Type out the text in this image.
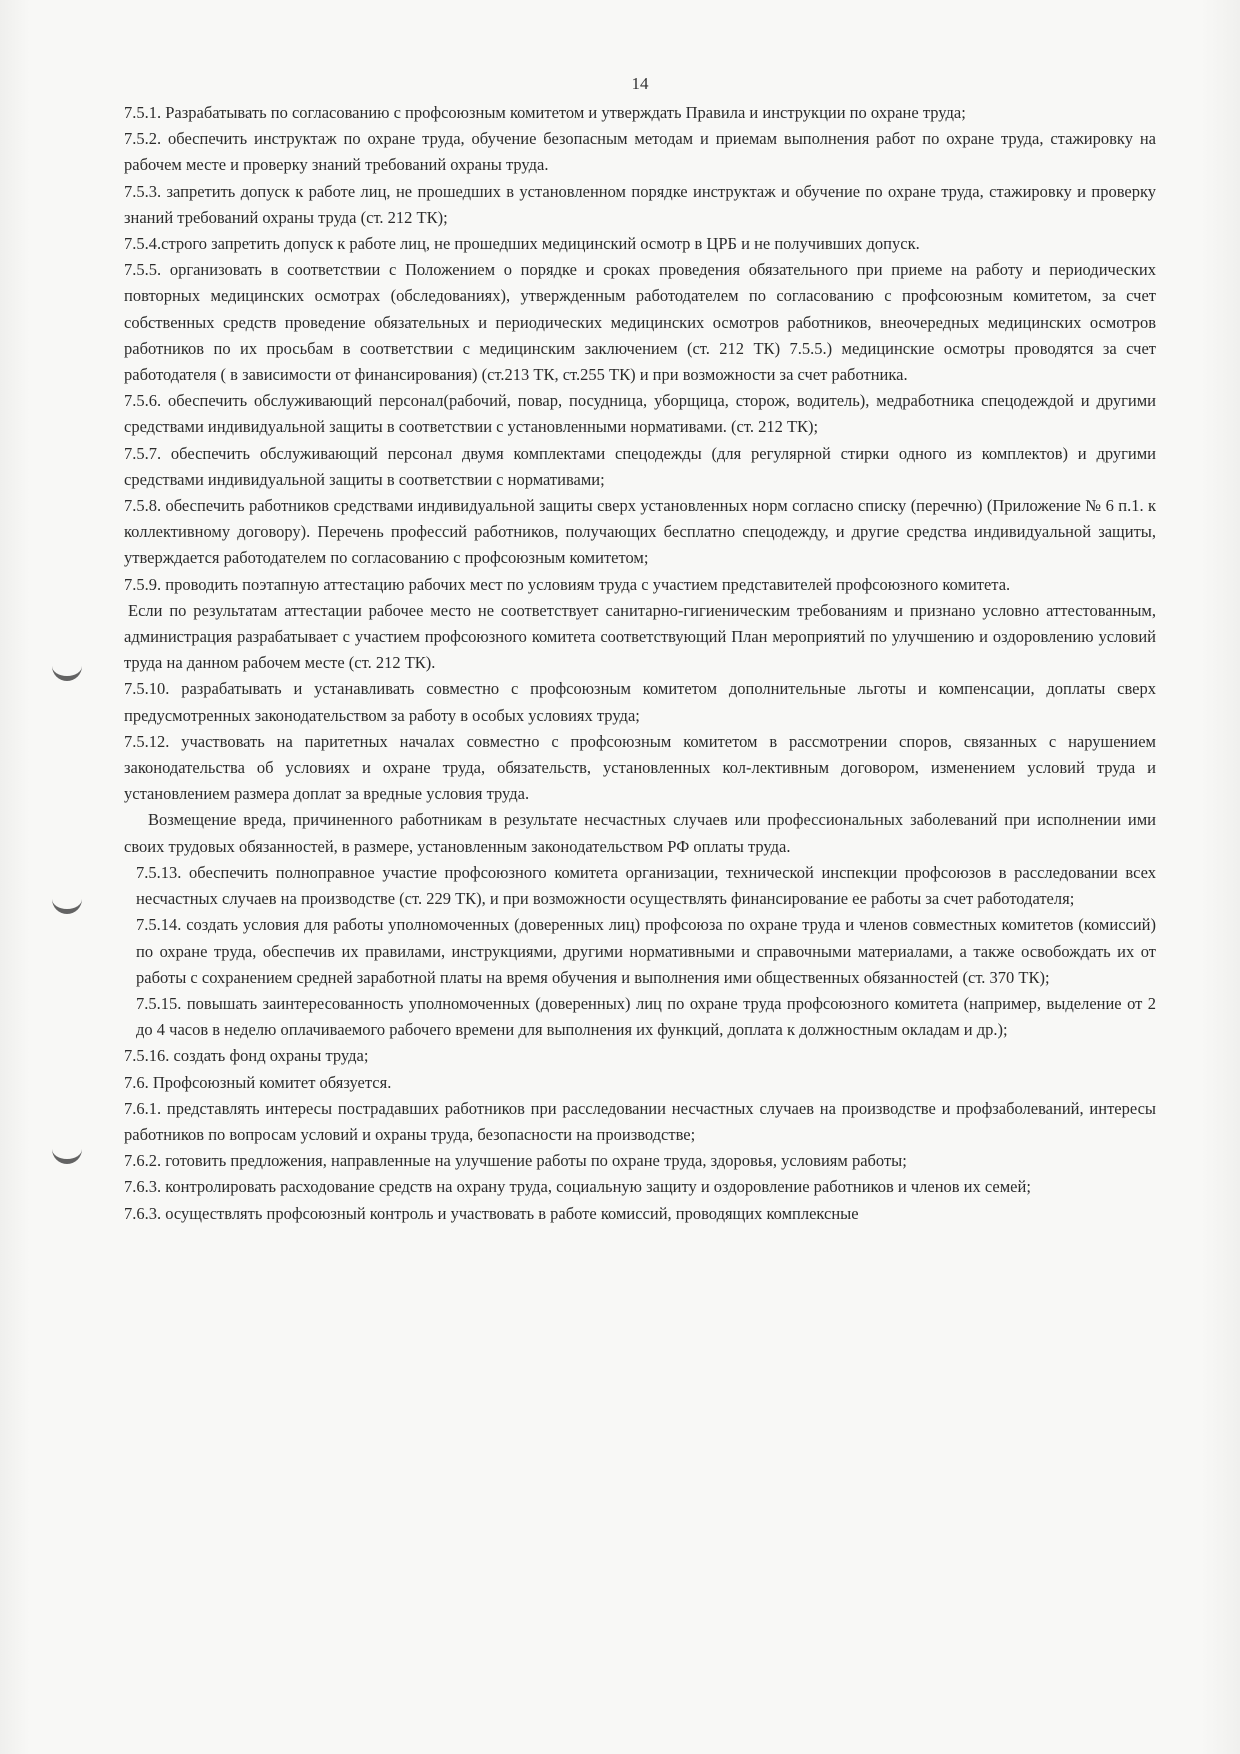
14

7.5.1. Разрабатывать по согласованию с профсоюзным комитетом и утверждать Правила и инструкции по охране труда;

7.5.2. обеспечить инструктаж по охране труда, обучение безопасным методам и приемам выполнения работ по охране труда, стажировку на рабочем месте и проверку знаний требований охраны труда.

7.5.3. запретить допуск к работе лиц, не прошедших в установленном порядке инструктаж и обучение по охране труда, стажировку и проверку знаний требований охраны труда (ст. 212 ТК);

7.5.4.строго запретить допуск к работе лиц, не прошедших медицинский осмотр в ЦРБ и не получивших допуск.

7.5.5. организовать в соответствии с Положением о порядке и сроках проведения обязательного при приеме на работу и периодических повторных медицинских осмотрах (обследованиях), утвержденным работодателем по согласованию с профсоюзным комитетом, за счет собственных средств проведение обязательных и периодических медицинских осмотров работников, внеочередных медицинских осмотров работников по их просьбам в соответствии с медицинским заключением (ст. 212 ТК) 7.5.5.) медицинские осмотры проводятся за счет работодателя ( в зависимости от финансирования) (ст.213 ТК, ст.255 ТК) и при возможности за счет работника.

7.5.6. обеспечить обслуживающий персонал(рабочий, повар, посудница, уборщица, сторож, водитель), медработника спецодеждой и другими средствами индивидуальной защиты в соответствии с установленными нормативами. (ст. 212 ТК);

7.5.7. обеспечить обслуживающий персонал двумя комплектами спецодежды (для регулярной стирки одного из комплектов) и другими средствами индивидуальной защиты в соответствии с нормативами;

7.5.8. обеспечить работников средствами индивидуальной защиты сверх установленных норм согласно списку (перечню) (Приложение № 6 п.1. к коллективному договору). Перечень профессий работников, получающих бесплатно спецодежду, и другие средства индивидуальной защиты, утверждается работодателем по согласованию с профсоюзным комитетом;

7.5.9. проводить поэтапную аттестацию рабочих мест по условиям труда с участием представителей профсоюзного комитета.

Если по результатам аттестации рабочее место не соответствует санитарно-гигиеническим требованиям и признано условно аттестованным, администрация разрабатывает с участием профсоюзного комитета соответствующий План мероприятий по улучшению и оздоровлению условий труда на данном рабочем месте (ст. 212 ТК).

7.5.10. разрабатывать и устанавливать совместно с профсоюзным комитетом дополнительные льготы и компенсации, доплаты сверх предусмотренных законодательством за работу в особых условиях труда;

7.5.12. участвовать на паритетных началах совместно с профсоюзным комитетом в рассмотрении споров, связанных с нарушением законодательства об условиях и охране труда, обязательств, установленных кол-лективным договором, изменением условий труда и установлением размера доплат за вредные условия труда.

Возмещение вреда, причиненного работникам в результате несчастных случаев или профессиональных заболеваний при исполнении ими своих трудовых обязанностей, в размере, установленным законодательством РФ оплаты труда.

7.5.13. обеспечить полноправное участие профсоюзного комитета организации, технической инспекции профсоюзов в расследовании всех несчастных случаев на производстве (ст. 229 ТК), и при возможности осуществлять финансирование ее работы за счет работодателя;

7.5.14. создать условия для работы уполномоченных (доверенных лиц) профсоюза по охране труда и членов совместных комитетов (комиссий) по охране труда, обеспечив их правилами, инструкциями, другими нормативными и справочными материалами, а также освобождать их от работы с сохранением средней заработной платы на время обучения и выполнения ими общественных обязанностей (ст. 370 ТК);

7.5.15. повышать заинтересованность уполномоченных (доверенных) лиц по охране труда профсоюзного комитета (например, выделение от 2 до 4 часов в неделю оплачиваемого рабочего времени для выполнения их функций, доплата к должностным окладам и др.);

7.5.16. создать фонд охраны труда;

7.6. Профсоюзный комитет обязуется.

7.6.1. представлять интересы пострадавших работников при расследовании несчастных случаев на производстве и профзаболеваний, интересы работников по вопросам условий и охраны труда, безопасности на производстве;

7.6.2. готовить предложения, направленные на улучшение работы по охране труда, здоровья, условиям работы;

7.6.3. контролировать расходование средств на охрану труда, социальную защиту и оздоровление работников и членов их семей;

7.6.3. осуществлять профсоюзный контроль и участвовать в работе комиссий, проводящих комплексные
